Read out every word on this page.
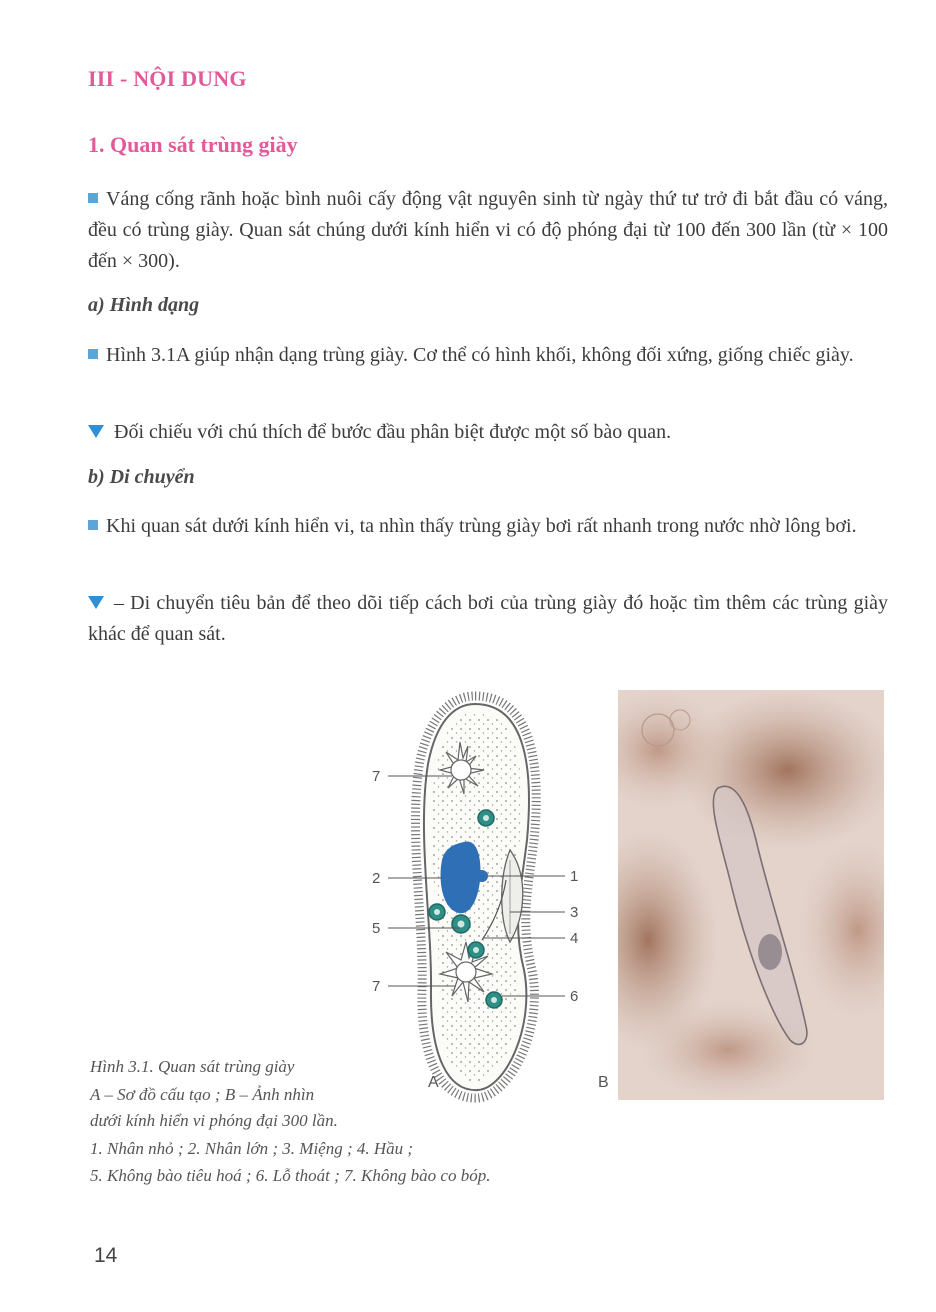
III - NỘI DUNG
1. Quan sát trùng giày
Váng cống rãnh hoặc bình nuôi cấy động vật nguyên sinh từ ngày thứ tư trở đi bắt đầu có váng, đều có trùng giày. Quan sát chúng dưới kính hiển vi có độ phóng đại từ 100 đến 300 lần (từ × 100 đến × 300).
a) Hình dạng
Hình 3.1A giúp nhận dạng trùng giày. Cơ thể có hình khối, không đối xứng, giống chiếc giày.
Đối chiếu với chú thích để bước đầu phân biệt được một số bào quan.
b) Di chuyển
Khi quan sát dưới kính hiển vi, ta nhìn thấy trùng giày bơi rất nhanh trong nước nhờ lông bơi.
– Di chuyển tiêu bản để theo dõi tiếp cách bơi của trùng giày đó hoặc tìm thêm các trùng giày khác để quan sát.
7
2
5
7
1
3
4
6
A	B
Hình 3.1. Quan sát trùng giày
A – Sơ đồ cấu tạo ; B – Ảnh nhìn
dưới kính hiển vi phóng đại 300 lần.
1. Nhân nhỏ ; 2. Nhân lớn ; 3. Miệng ; 4. Hầu ;
5. Không bào tiêu hoá ; 6. Lỗ thoát ; 7. Không bào co bóp.
14
